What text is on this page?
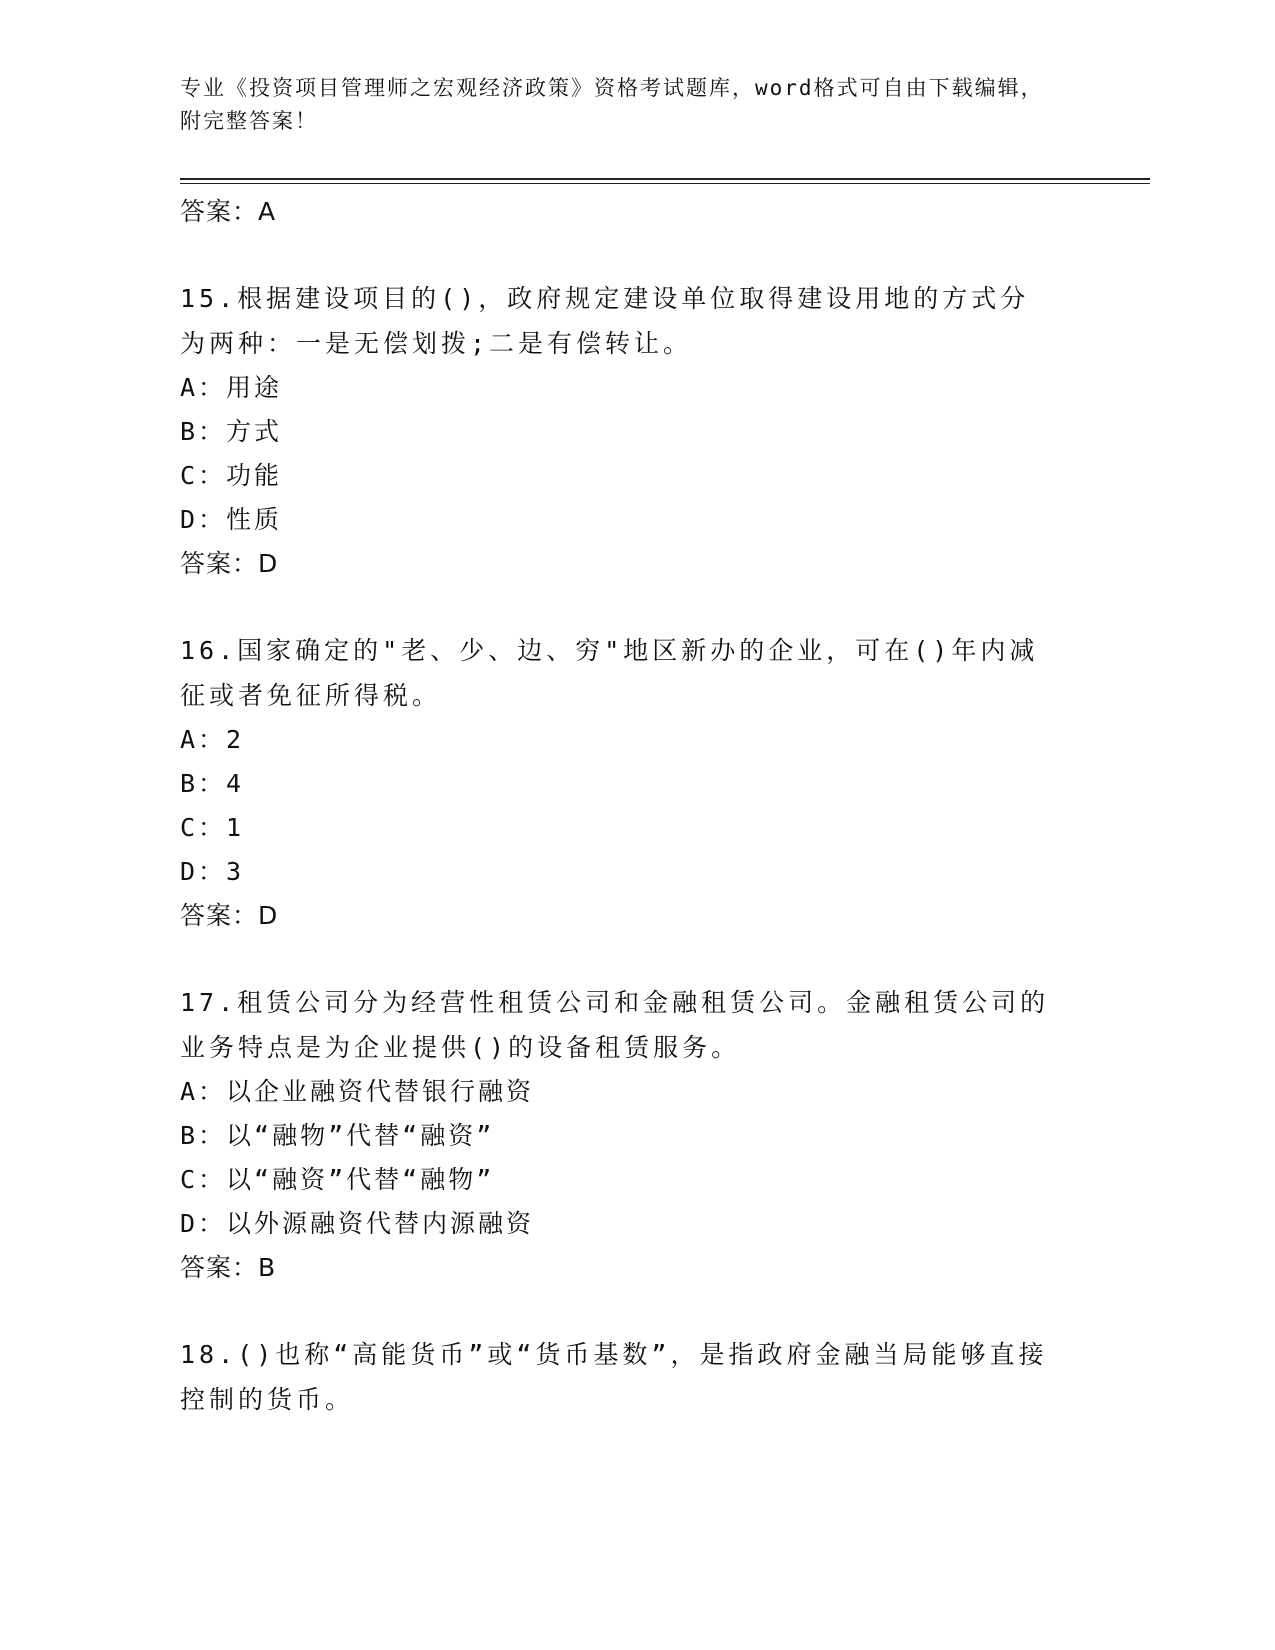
专业《投资项目管理师之宏观经济政策》资格考试题库，word格式可自由下载编辑，附完整答案！
答案：A
15.根据建设项目的()，政府规定建设单位取得建设用地的方式分为两种：一是无偿划拨;二是有偿转让。
A：用途
B：方式
C：功能
D：性质
答案：D
16.国家确定的"老、少、边、穷"地区新办的企业，可在()年内减征或者免征所得税。
A：2
B：4
C：1
D：3
答案：D
17.租赁公司分为经营性租赁公司和金融租赁公司。金融租赁公司的业务特点是为企业提供()的设备租赁服务。
A：以企业融资代替银行融资
B：以“融物”代替“融资”
C：以“融资”代替“融物”
D：以外源融资代替内源融资
答案：B
18.()也称“高能货币”或“货币基数”，是指政府金融当局能够直接控制的货币。
